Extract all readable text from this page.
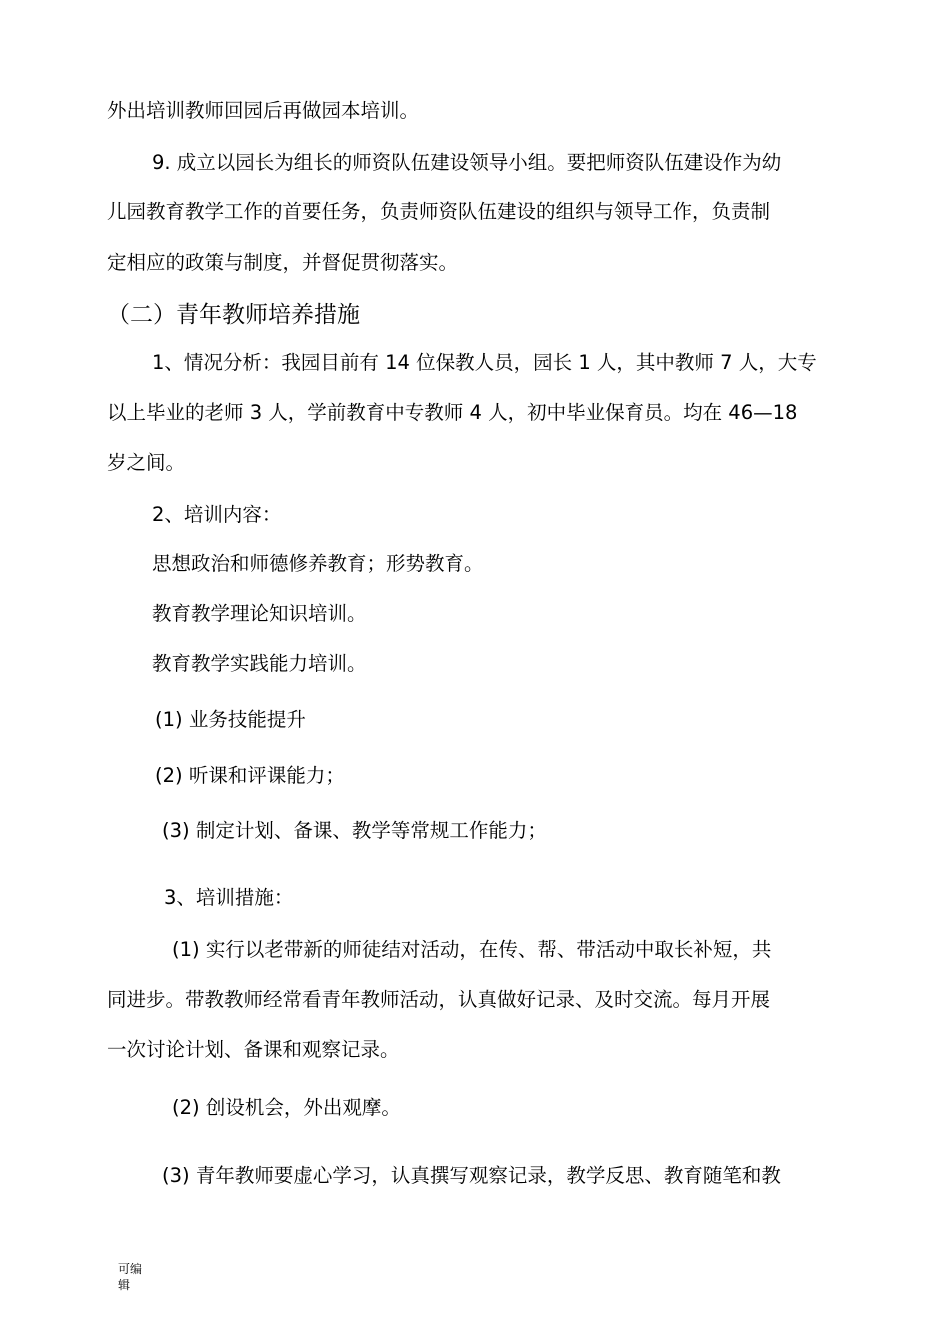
外出培训教师回园后再做园本培训。
9. 成立以园长为组长的师资队伍建设领导小组。要把师资队伍建设作为幼
儿园教育教学工作的首要任务，负责师资队伍建设的组织与领导工作，负责制
定相应的政策与制度，并督促贯彻落实。
（二）青年教师培养措施
1、情况分析：我园目前有 14 位保教人员，园长 1 人，其中教师 7 人，大专
以上毕业的老师 3 人，学前教育中专教师 4 人，初中毕业保育员。均在 46—18
岁之间。
2、培训内容：
思想政治和师德修养教育；形势教育。
教育教学理论知识培训。
教育教学实践能力培训。
(1) 业务技能提升
(2) 听课和评课能力；
(3) 制定计划、备课、教学等常规工作能力；
3、培训措施：
(1) 实行以老带新的师徒结对活动，在传、帮、带活动中取长补短，共
同进步。带教教师经常看青年教师活动，认真做好记录、及时交流。每月开展
一次讨论计划、备课和观察记录。
(2) 创设机会，外出观摩。
(3) 青年教师要虚心学习，认真撰写观察记录，教学反思、教育随笔和教
可编辑
